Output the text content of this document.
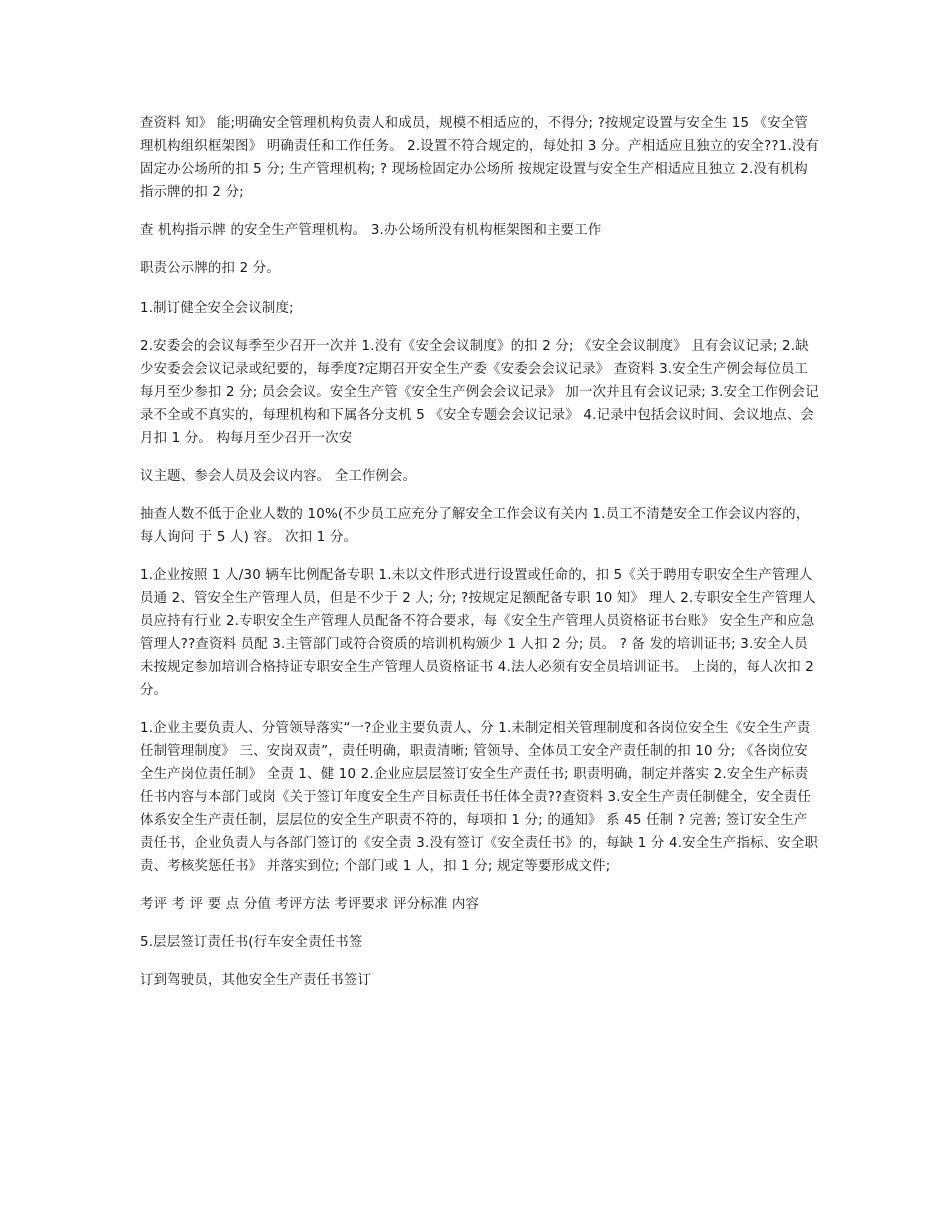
查资料 知》 能;明确安全管理机构负责人和成员，规模不相适应的，不得分; ?按规定设置与安全生 15 《安全管理机构组织框架图》 明确责任和工作任务。 2.设置不符合规定的，每处扣 3 分。产相适应且独立的安全??1.没有固定办公场所的扣 5 分; 生产管理机构; ? 现场检固定办公场所 按规定设置与安全生产相适应且独立 2.没有机构指示牌的扣 2 分;

查 机构指示牌 的安全生产管理机构。 3.办公场所没有机构框架图和主要工作

职责公示牌的扣 2 分。

1.制订健全安全会议制度;

2.安委会的会议每季至少召开一次并 1.没有《安全会议制度》的扣 2 分; 《安全会议制度》 且有会议记录; 2.缺少安委会会议记录或纪要的，每季度?定期召开安全生产委《安委会会议记录》 查资料 3.安全生产例会每位员工每月至少参扣 2 分; 员会会议。安全生产管《安全生产例会会议记录》 加一次并且有会议记录; 3.安全工作例会记录不全或不真实的，每理机构和下属各分支机 5 《安全专题会会议记录》 4.记录中包括会议时间、会议地点、会月扣 1 分。 构每月至少召开一次安

议主题、参会人员及会议内容。 全工作例会。

抽查人数不低于企业人数的 10%(不少员工应充分了解安全工作会议有关内 1.员工不清楚安全工作会议内容的，每人询问 于 5 人) 容。 次扣 1 分。

1.企业按照 1 人/30 辆车比例配备专职 1.未以文件形式进行设置或任命的，扣 5《关于聘用专职安全生产管理人员通 2、管安全生产管理人员，但是不少于 2 人; 分; ?按规定足额配备专职 10 知》 理人 2.专职安全生产管理人员应持有行业 2.专职安全生产管理人员配备不符合要求，每《安全生产管理人员资格证书台账》 安全生产和应急管理人??查资料 员配 3.主管部门或符合资质的培训机构颁少 1 人扣 2 分; 员。 ? 备 发的培训证书; 3.安全人员未按规定参加培训合格持证专职安全生产管理人员资格证书 4.法人必须有安全员培训证书。 上岗的，每人次扣 2 分。

1.企业主要负责人、分管领导落实“一?企业主要负责人、分 1.未制定相关管理制度和各岗位安全生《安全生产责任制管理制度》 三、安岗双责”，责任明确，职责清晰; 管领导、全体员工安全产责任制的扣 10 分; 《各岗位安全生产岗位责任制》 全责 1、健 10 2.企业应层层签订安全生产责任书; 职责明确，制定并落实 2.安全生产标责任书内容与本部门或岗《关于签订年度安全生产目标责任书任体全责??查资料 3.安全生产责任制健全，安全责任体系安全生产责任制，层层位的安全生产职责不符的，每项扣 1 分; 的通知》 系 45 任制 ? 完善; 签订安全生产责任书，企业负责人与各部门签订的《安全责 3.没有签订《安全责任书》的，每缺 1 分 4.安全生产指标、安全职责、考核奖惩任书》 并落实到位; 个部门或 1 人，扣 1 分; 规定等要形成文件;

考评 考 评 要 点 分值 考评方法 考评要求 评分标准 内容

5.层层签订责任书(行车安全责任书签

订到驾驶员，其他安全生产责任书签订
